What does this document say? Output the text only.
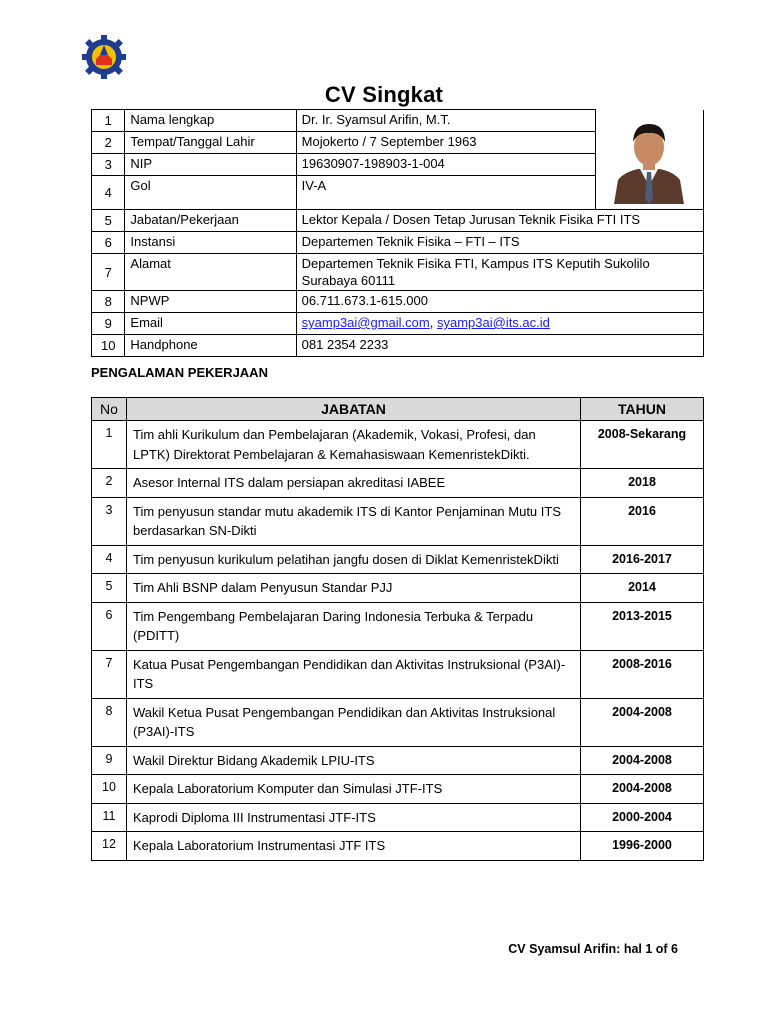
CV Singkat
1	Nama lengkap	Dr. Ir. Syamsul Arifin, M.T.	

2	Tempat/Tanggal Lahir	Mojokerto / 7 September 1963	
3	NIP	19630907-198903-1-004	
4	Gol	IV-A	
5	Jabatan/Pekerjaan	Lektor Kepala / Dosen Tetap Jurusan Teknik Fisika FTI ITS	
6	Instansi	Departemen Teknik Fisika – FTI – ITS	
7	Alamat	Departemen Teknik Fisika FTI, Kampus ITS Keputih Sukolilo Surabaya 60111	
8	NPWP	06.711.673.1-615.000	
9	Email	syamp3ai@gmail.com, syamp3ai@its.ac.id	
10	Handphone	081 2354 2233	
PENGALAMAN PEKERJAAN
No	JABATAN	TAHUN
1	Tim ahli Kurikulum dan Pembelajaran (Akademik, Vokasi, Profesi, dan LPTK) Direktorat Pembelajaran & Kemahasiswaan KemenristekDikti.	2008-Sekarang
2	Asesor Internal ITS dalam persiapan akreditasi IABEE	2018
3	Tim penyusun standar mutu akademik ITS di Kantor Penjaminan Mutu ITS berdasarkan SN-Dikti	2016
4	Tim penyusun kurikulum pelatihan jangfu dosen di Diklat KemenristekDikti	2016-2017
5	Tim Ahli BSNP dalam Penyusun Standar PJJ	2014
6	Tim Pengembang Pembelajaran Daring Indonesia Terbuka & Terpadu (PDITT)	2013-2015
7	Katua Pusat Pengembangan Pendidikan dan Aktivitas Instruksional (P3AI)-ITS	2008-2016
8	Wakil Ketua Pusat Pengembangan Pendidikan dan Aktivitas Instruksional (P3AI)-ITS	2004-2008
9	Wakil Direktur Bidang Akademik LPIU-ITS	2004-2008
10	Kepala Laboratorium Komputer dan Simulasi JTF-ITS	2004-2008
11	Kaprodi Diploma III Instrumentasi JTF-ITS	2000-2004
12	Kepala Laboratorium Instrumentasi JTF ITS	1996-2000
CV Syamsul Arifin: hal 1 of 6
